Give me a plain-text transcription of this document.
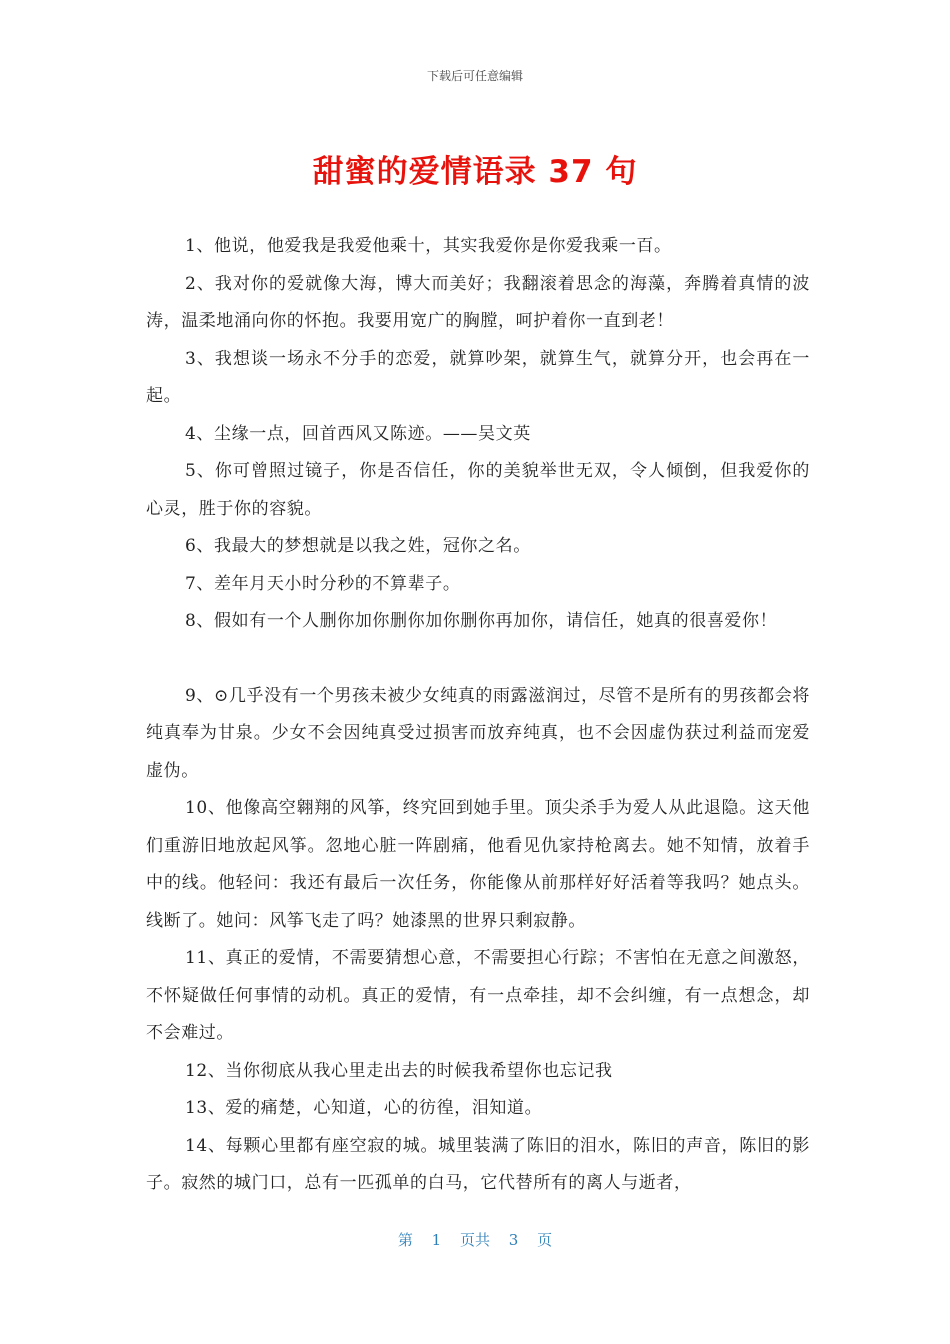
下载后可任意编辑
甜蜜的爱情语录 37 句

1、他说，他爱我是我爱他乘十，其实我爱你是你爱我乘一百。

2、我对你的爱就像大海，博大而美好；我翻滚着思念的海藻，奔腾着真情的波涛，温柔地涌向你的怀抱。我要用宽广的胸膛，呵护着你一直到老！

3、我想谈一场永不分手的恋爱，就算吵架，就算生气，就算分开，也会再在一起。

4、尘缘一点，回首西风又陈迹。——吴文英

5、你可曾照过镜子，你是否信任，你的美貌举世无双，令人倾倒，但我爱你的心灵，胜于你的容貌。

6、我最大的梦想就是以我之姓，冠你之名。

7、差年月天小时分秒的不算辈子。

8、假如有一个人删你加你删你加你删你再加你，请信任，她真的很喜爱你！

9、⊙几乎没有一个男孩未被少女纯真的雨露滋润过，尽管不是所有的男孩都会将纯真奉为甘泉。少女不会因纯真受过损害而放弃纯真，也不会因虚伪获过利益而宠爱虚伪。

10、他像高空翱翔的风筝，终究回到她手里。顶尖杀手为爱人从此退隐。这天他们重游旧地放起风筝。忽地心脏一阵剧痛，他看见仇家持枪离去。她不知情，放着手中的线。他轻问：我还有最后一次任务，你能像从前那样好好活着等我吗？她点头。线断了。她问：风筝飞走了吗？她漆黑的世界只剩寂静。

11、真正的爱情，不需要猜想心意，不需要担心行踪；不害怕在无意之间激怒，不怀疑做任何事情的动机。真正的爱情，有一点牵挂，却不会纠缠，有一点想念，却不会难过。

12、当你彻底从我心里走出去的时候我希望你也忘记我

13、爱的痛楚，心知道，心的彷徨，泪知道。

14、每颗心里都有座空寂的城。城里装满了陈旧的泪水，陈旧的声音，陈旧的影子。寂然的城门口，总有一匹孤单的白马，它代替所有的离人与逝者，

第 1 页共 3 页
